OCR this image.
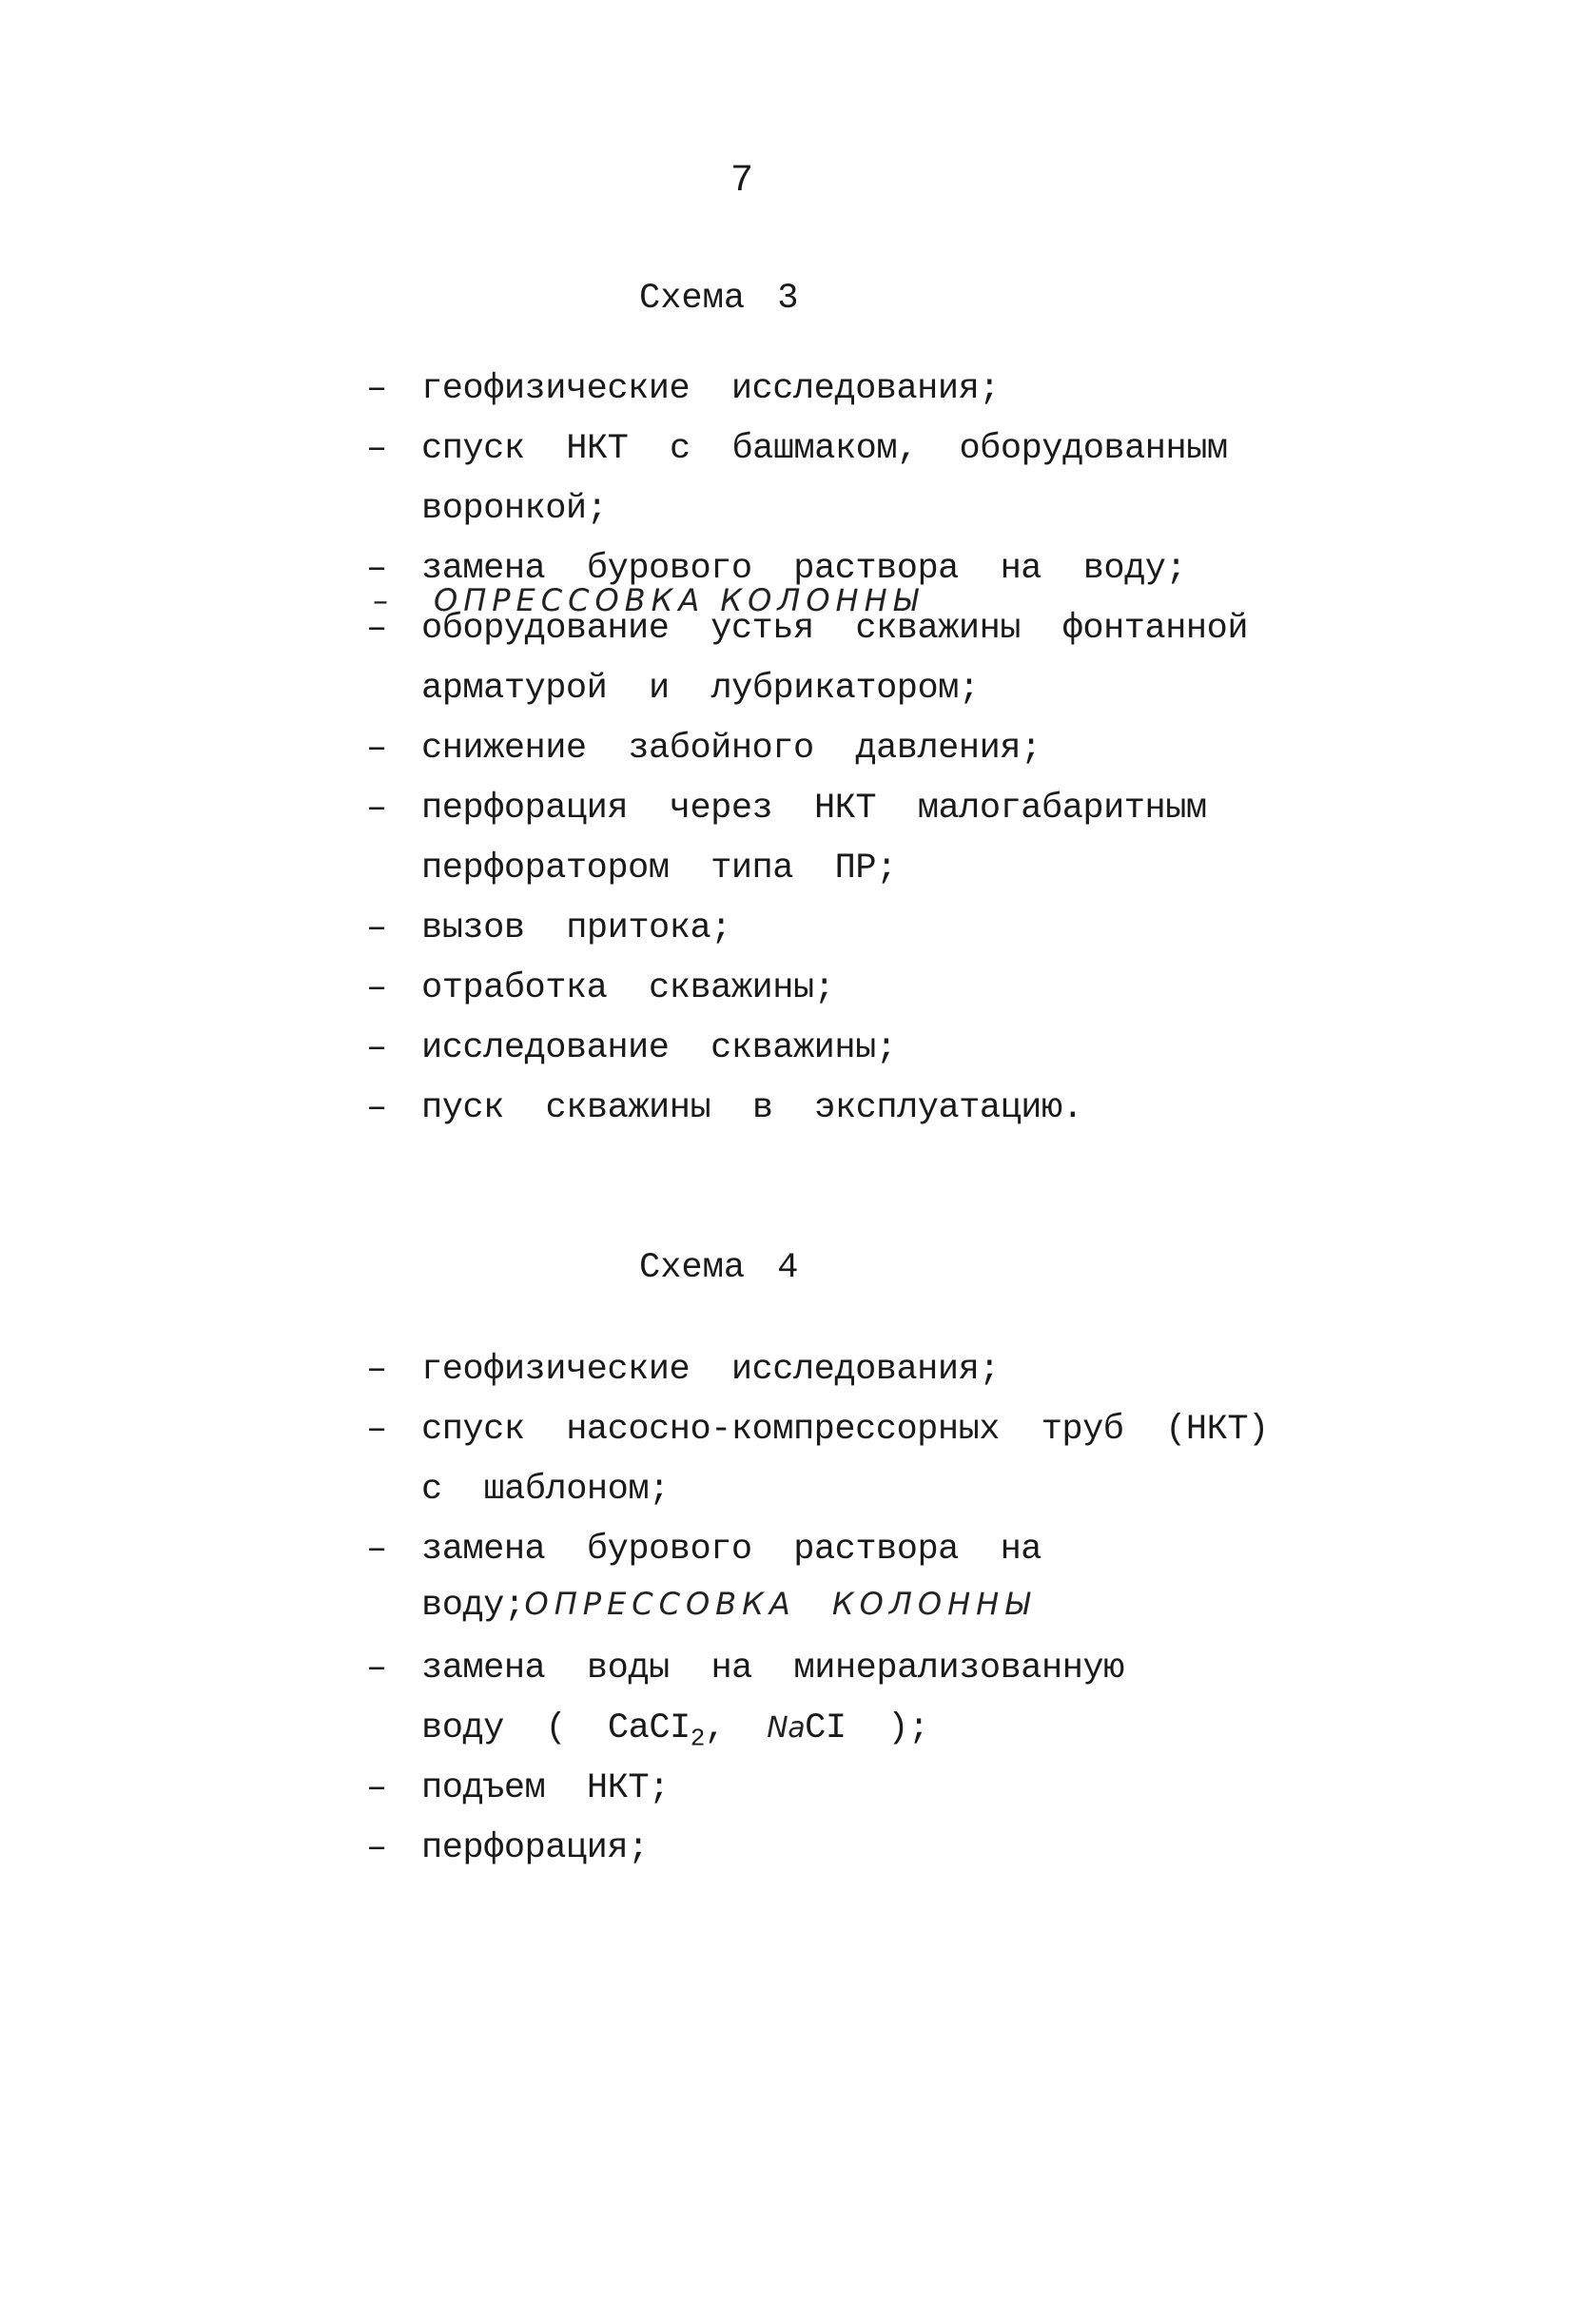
7
Схема 3
– геофизические исследования;
– спуск НКТ с башмаком, оборудованным
воронкой;
– замена бурового раствора на воду;
– ОПРЕССОВКА КОЛОННЫ
– оборудование устья скважины фонтанной
арматурой и лубрикатором;
– снижение забойного давления;
– перфорация через НКТ малогабаритным
перфоратором типа ПР;
– вызов притока;
– отработка скважины;
– исследование скважины;
– пуск скважины в эксплуатацию.
Схема 4
– геофизические исследования;
– спуск насосно-компрессорных труб (НКТ)
с шаблоном;
– замена бурового раствора на
воду;ОПРЕССОВКА КОЛОННЫ
– замена воды на минерализованную
воду ( CaCI$_2$, NaCI );
– подъем НКТ;
– перфорация;
